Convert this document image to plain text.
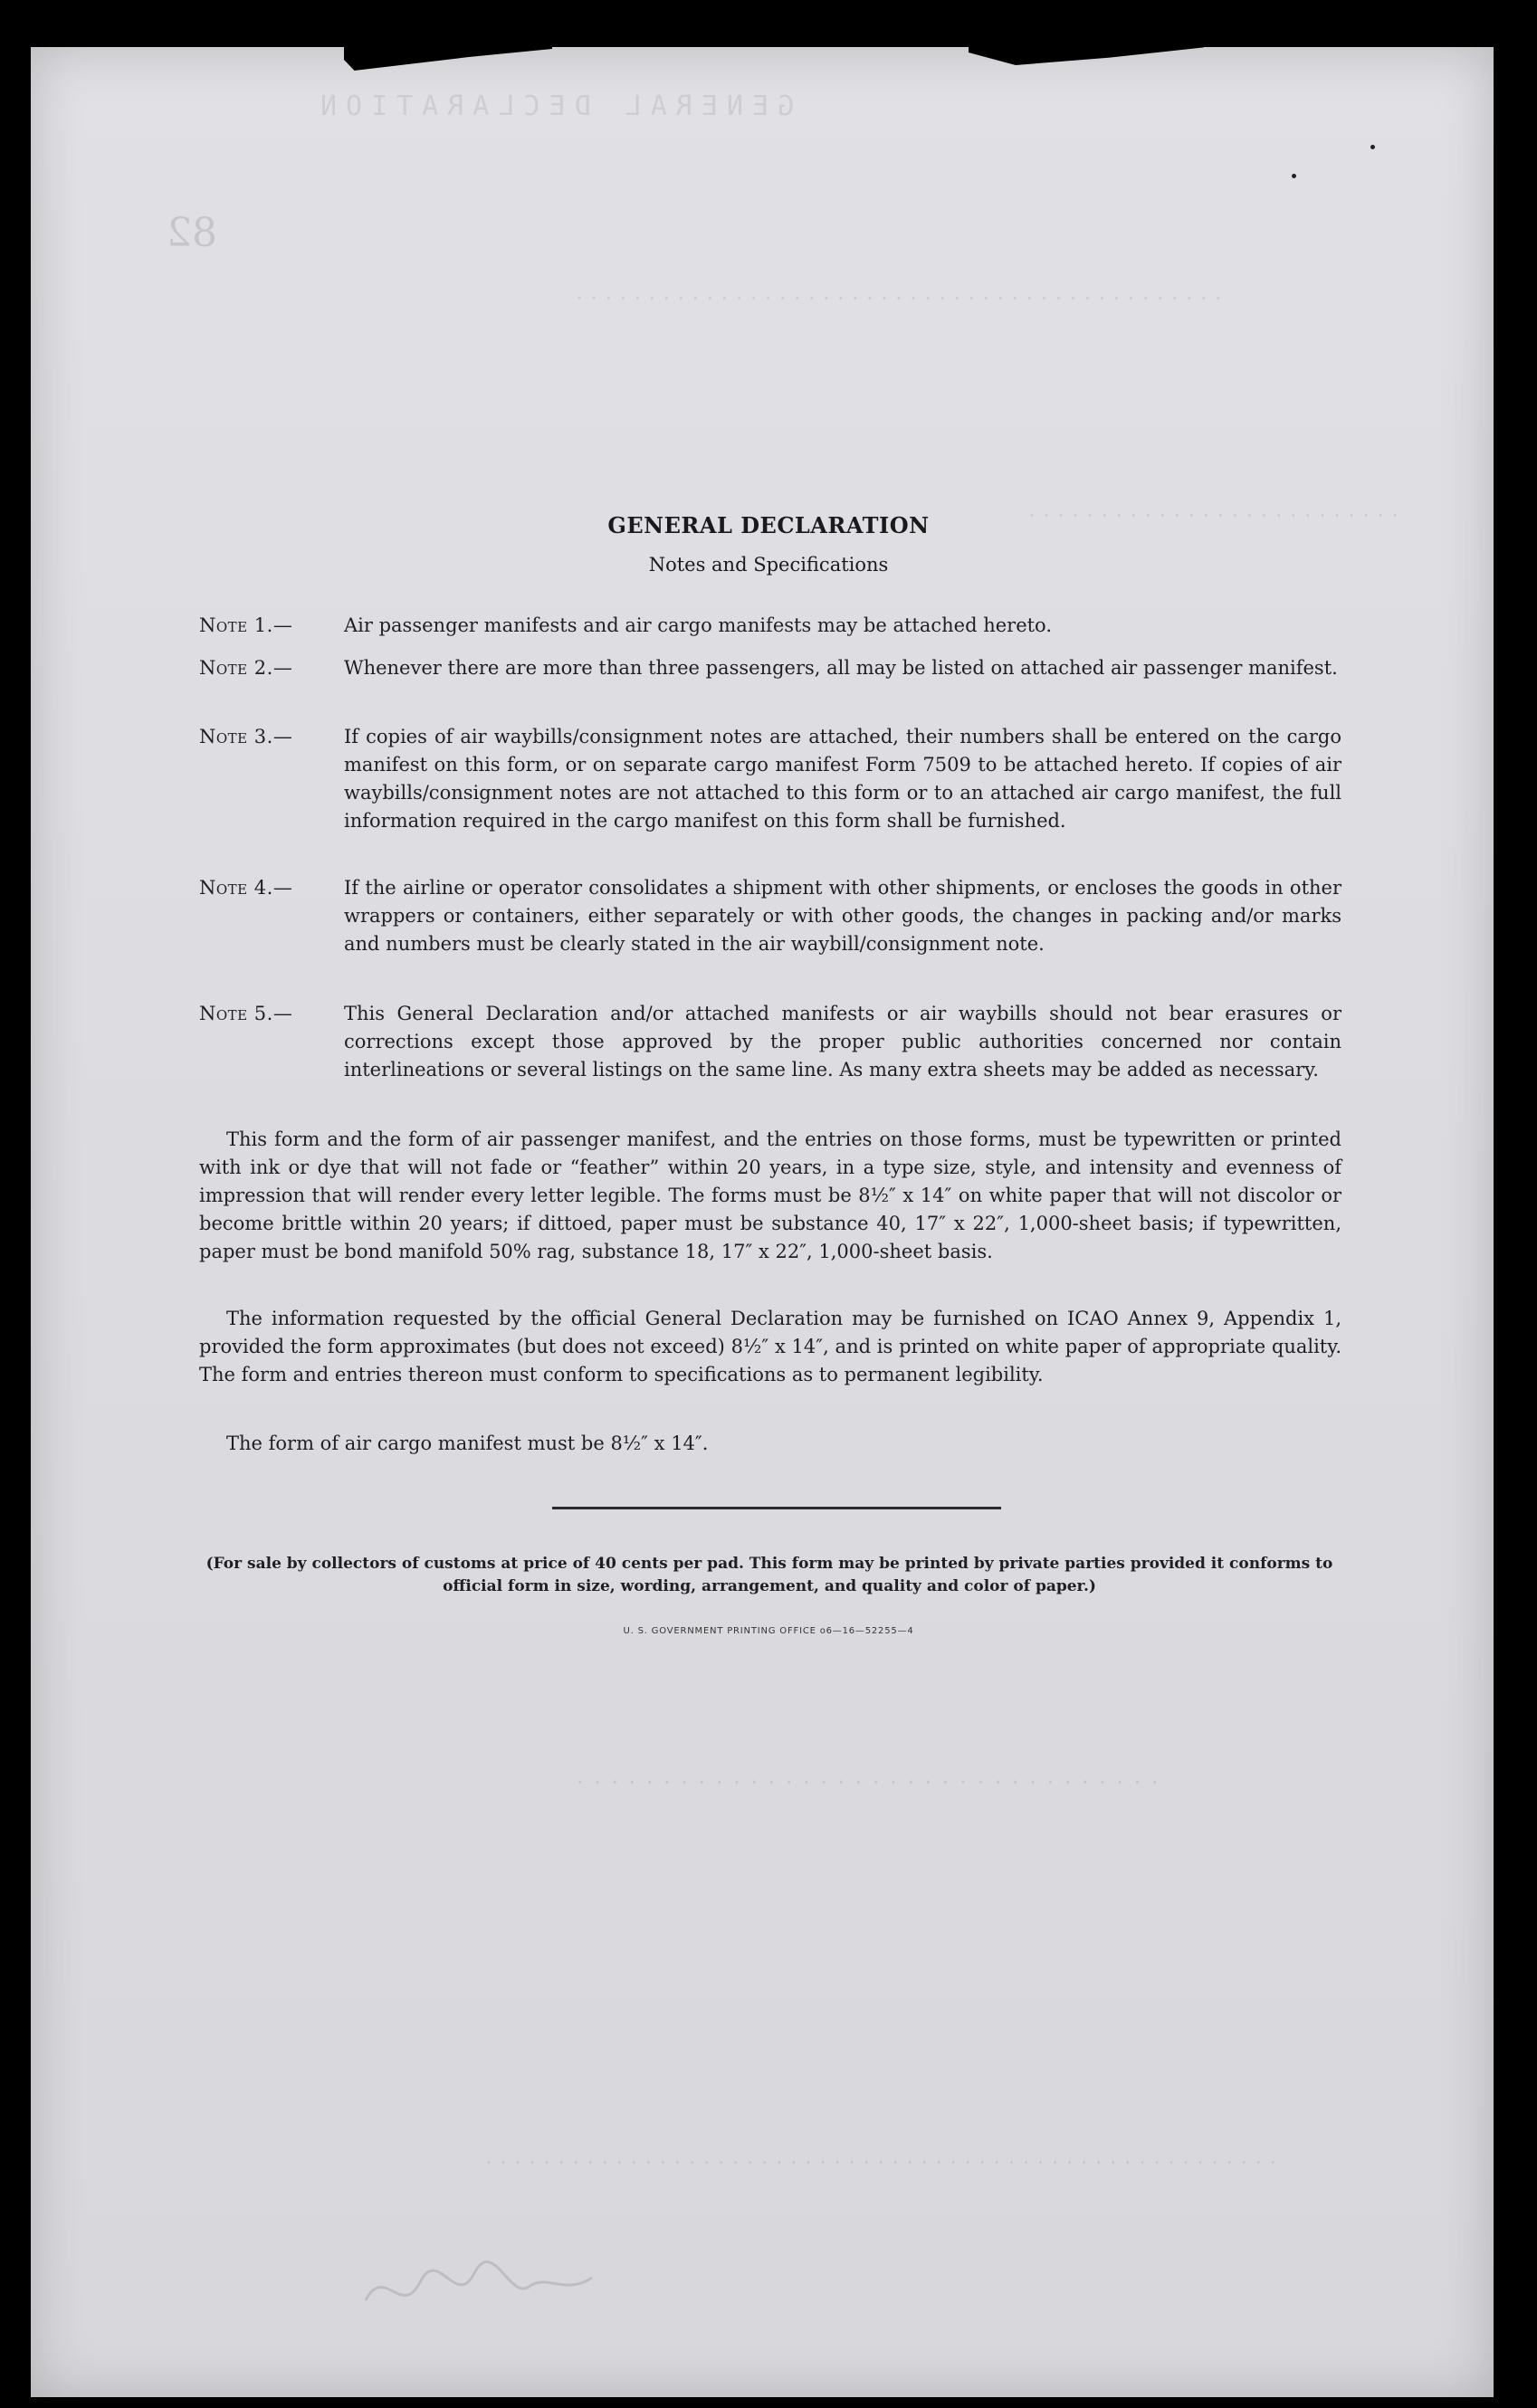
GENERAL DECLARATION
.............................................
..........................
..................................
.......................................................
82
GENERAL DECLARATION
Notes and Specifications
Note 1.—	Air passenger manifests and air cargo manifests may be attached hereto.
Note 2.—	Whenever there are more than three passengers, all may be listed on attached air passenger manifest.
Note 3.—	If copies of air waybills/consignment notes are attached, their numbers shall be entered on the cargo manifest on this form, or on separate cargo manifest Form 7509 to be attached hereto. If copies of air waybills/consignment notes are not attached to this form or to an attached air cargo manifest, the full information required in the cargo manifest on this form shall be furnished.
Note 4.—	If the airline or operator consolidates a shipment with other shipments, or encloses the goods in other wrappers or containers, either separately or with other goods, the changes in packing and/or marks and numbers must be clearly stated in the air waybill/consignment note.
Note 5.—	This General Declaration and/or attached manifests or air waybills should not bear erasures or corrections except those approved by the proper public authorities concerned nor contain interlineations or several listings on the same line. As many extra sheets may be added as necessary.
This form and the form of air passenger manifest, and the entries on those forms, must be typewritten or printed with ink or dye that will not fade or “feather” within 20 years, in a type size, style, and intensity and evenness of impression that will render every letter legible. The forms must be 8½″ x 14″ on white paper that will not discolor or become brittle within 20 years; if dittoed, paper must be substance 40, 17″ x 22″, 1,000-sheet basis; if typewritten, paper must be bond manifold 50% rag, substance 18, 17″ x 22″, 1,000-sheet basis.
The information requested by the official General Declaration may be furnished on ICAO Annex 9, Appendix 1, provided the form approximates (but does not exceed) 8½″ x 14″, and is printed on white paper of appropriate quality. The form and entries thereon must conform to specifications as to permanent legibility.
The form of air cargo manifest must be 8½″ x 14″.
(For sale by collectors of customs at price of 40 cents per pad. This form may be printed by private parties provided it conforms to official form in size, wording, arrangement, and quality and color of paper.)
U. S. GOVERNMENT PRINTING OFFICE o6—16—52255—4
